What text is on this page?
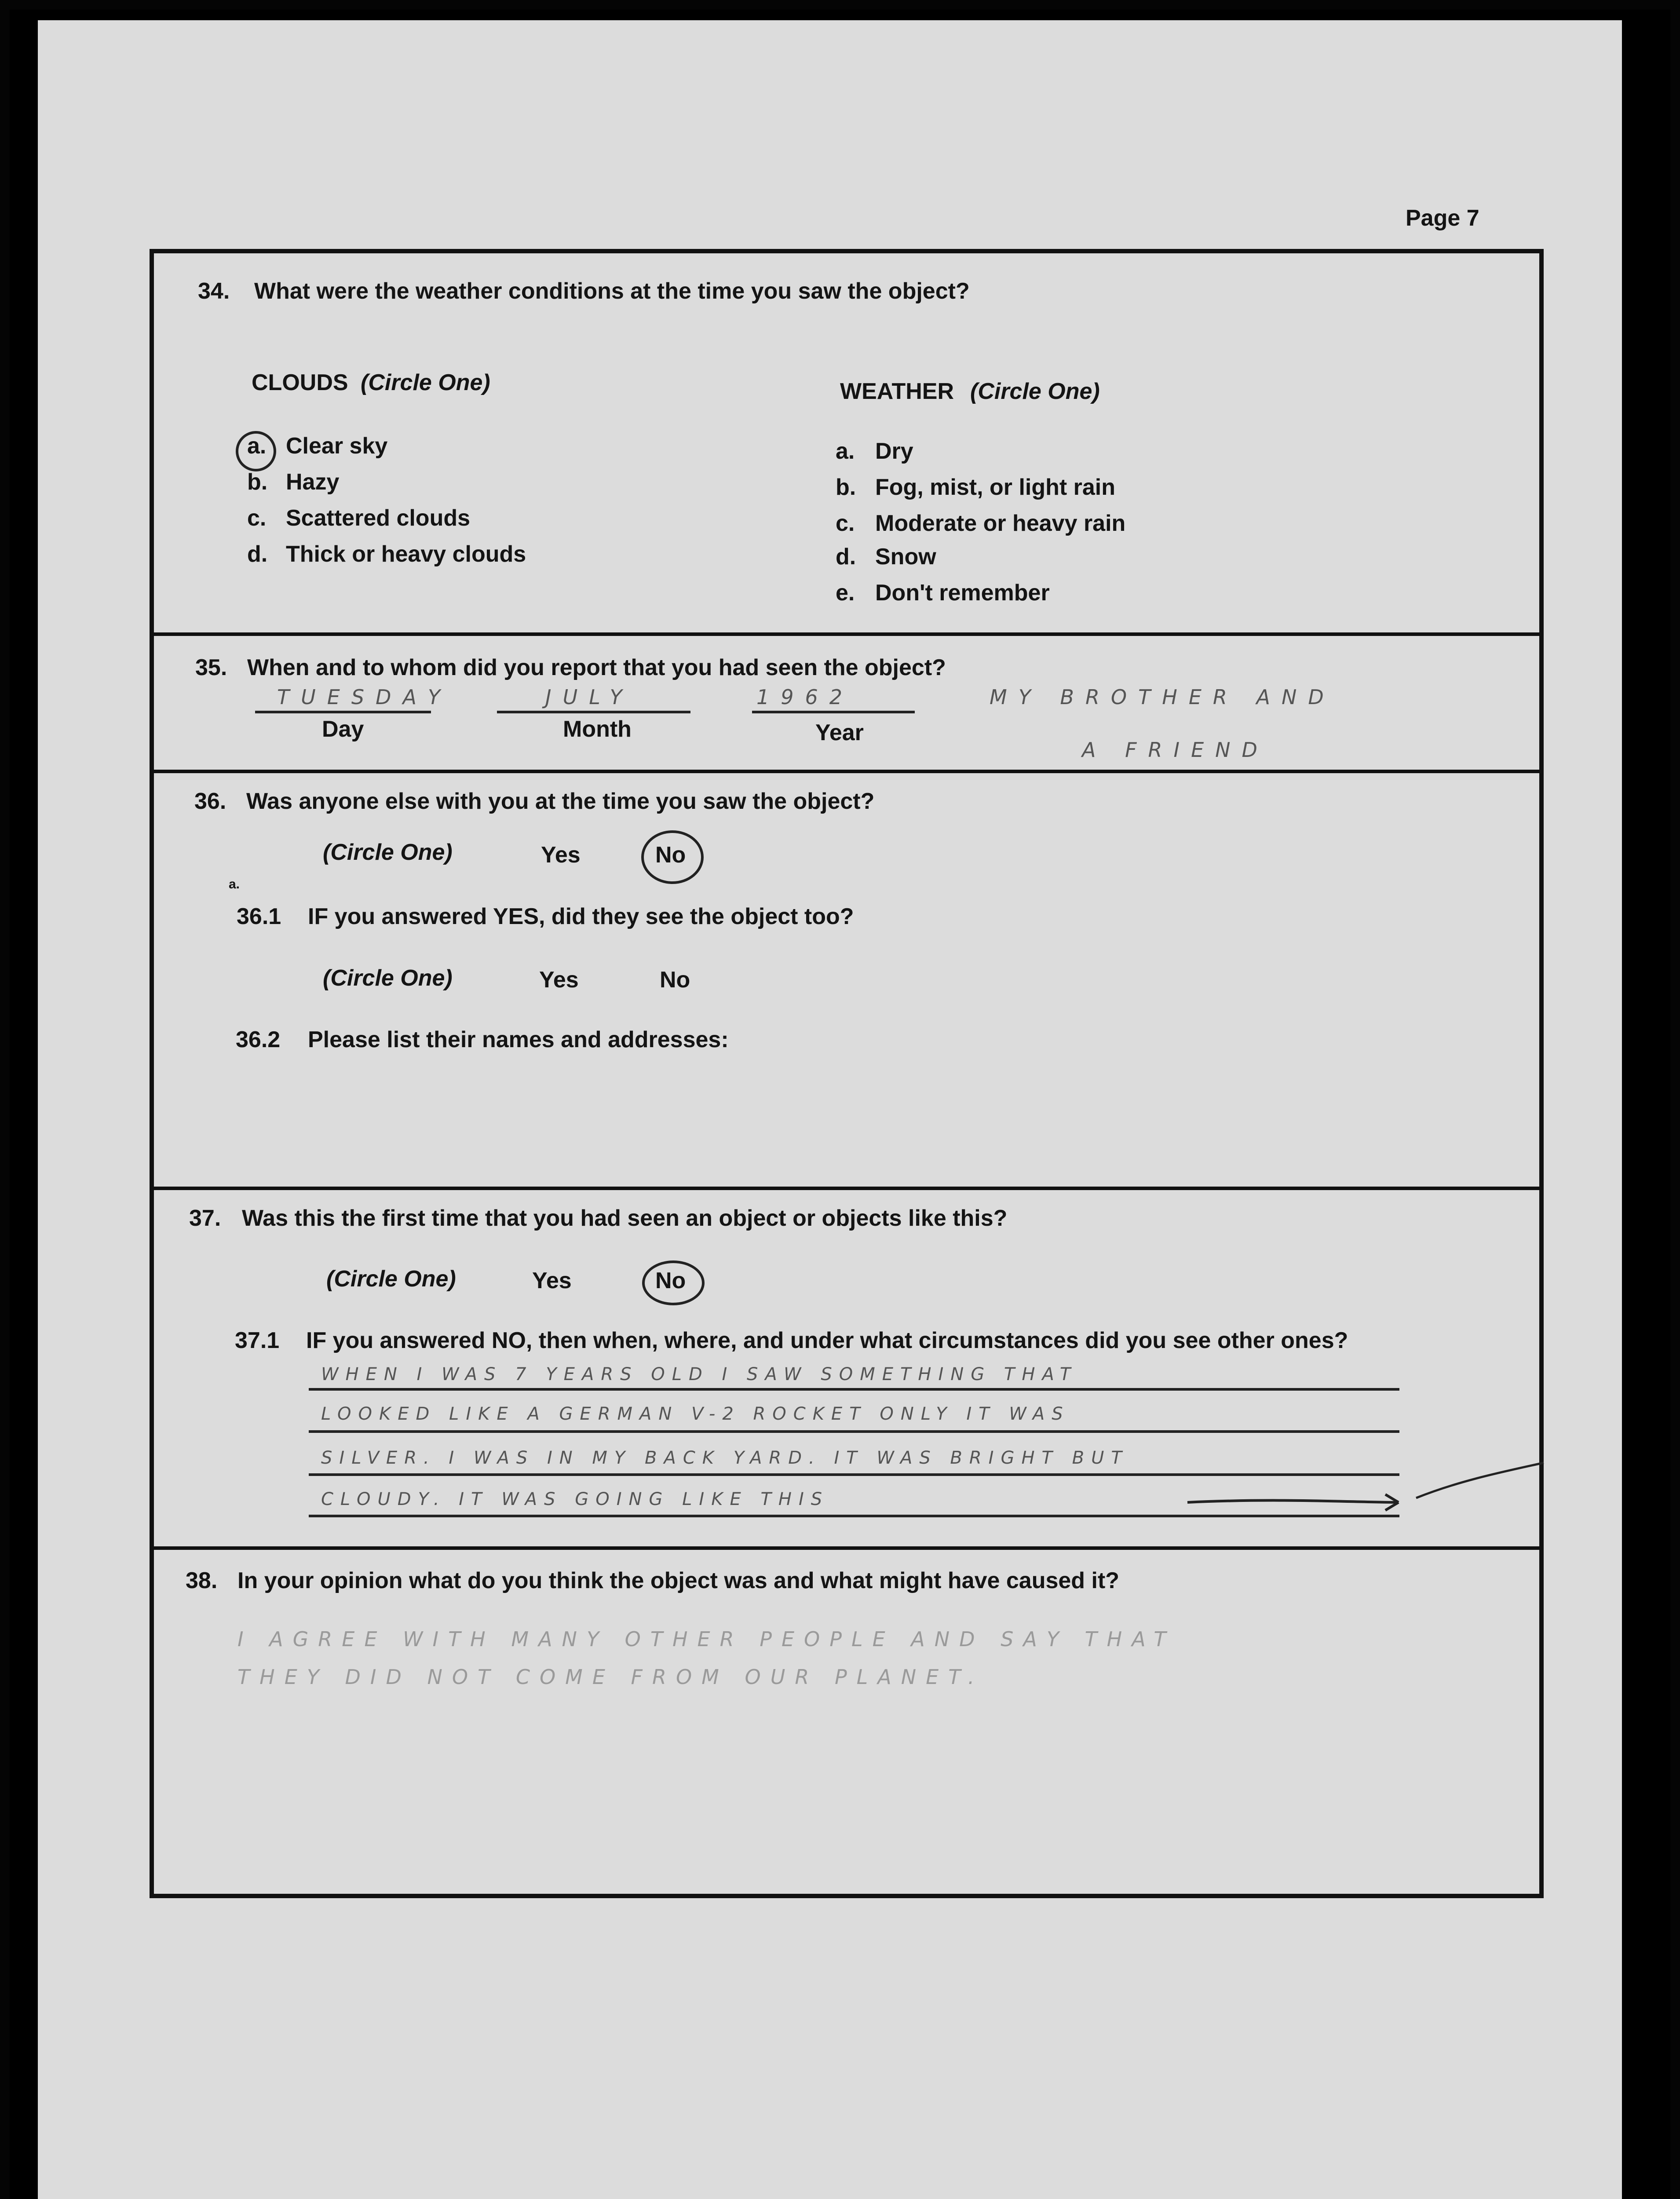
Page 7
34. What were the weather conditions at the time you saw the object?
CLOUDS (Circle One)
a. Clear sky
b. Hazy
c. Scattered clouds
d. Thick or heavy clouds
WEATHER (Circle One)
a. Dry
b. Fog, mist, or light rain
c. Moderate or heavy rain
d. Snow
e. Don't remember
35. When and to whom did you report that you had seen the object?
TUESDAY
Day
JULY
Month
1962
Year
MY BROTHER AND
A FRIEND
36. Was anyone else with you at the time you saw the object?
(Circle One)	Yes	No
a.
36.1 IF you answered YES, did they see the object too?
(Circle One)	Yes	No
36.2 Please list their names and addresses:
37. Was this the first time that you had seen an object or objects like this?
(Circle One)	Yes	No
37.1 IF you answered NO, then when, where, and under what circumstances did you see other ones?
WHEN I WAS 7 YEARS OLD I SAW SOMETHING THAT
LOOKED LIKE A GERMAN V-2 ROCKET ONLY IT WAS
SILVER. I WAS IN MY BACK YARD. IT WAS BRIGHT BUT
CLOUDY. IT WAS GOING LIKE THIS
38. In your opinion what do you think the object was and what might have caused it?
I AGREE WITH MANY OTHER PEOPLE AND SAY THAT
THEY DID NOT COME FROM OUR PLANET.
